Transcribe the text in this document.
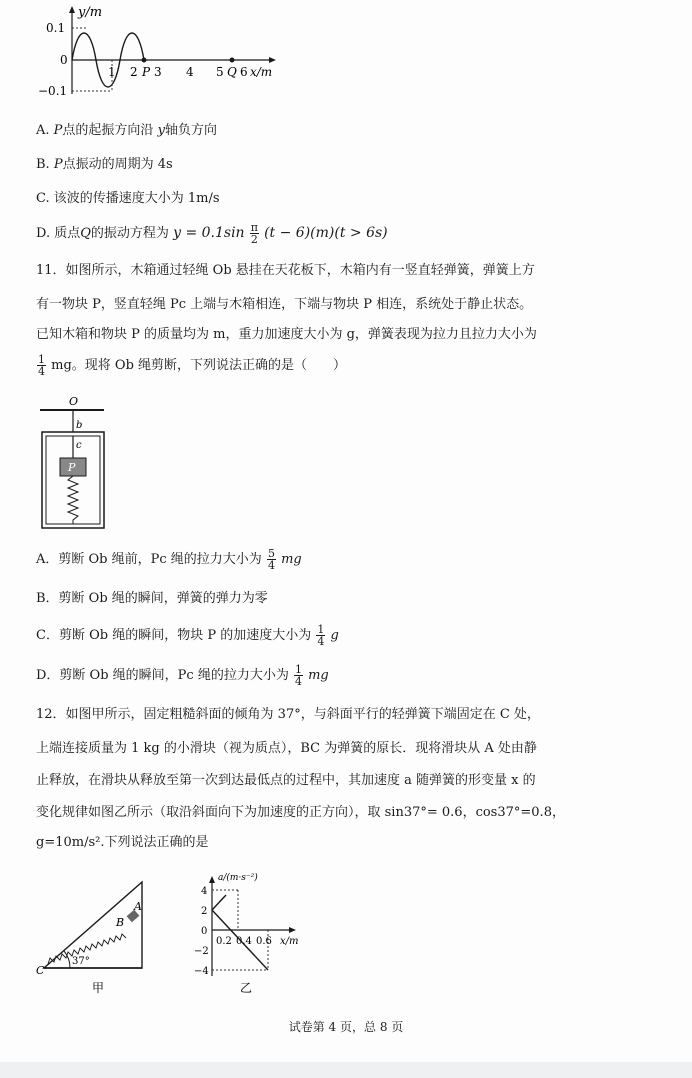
y/m
0.1
0
−0.1
1 2 P 3 4 5 Q 6 x/m
A. P点的起振方向沿 y轴负方向
B. P点振动的周期为 4s
C. 该波的传播速度大小为 1m/s
D. 质点Q的振动方程为 $y = 0.1\sin \frac{\pi}{2} (t - 6)(m)(t > 6s)$
11．如图所示，木箱通过轻绳 Ob 悬挂在天花板下，木箱内有一竖直轻弹簧，弹簧上方
有一物块 P，竖直轻绳 Pc 上端与木箱相连，下端与物块 P 相连，系统处于静止状态。
已知木箱和物块 P 的质量均为 m，重力加速度大小为 g，弹簧表现为拉力且拉力大小为
$\frac{1}{4}$ mg。现将 Ob 绳剪断，下列说法正确的是（　　）
O
b
c
P
A．剪断 Ob 绳前，Pc 绳的拉力大小为 $\frac{5}{4}$ mg
B．剪断 Ob 绳的瞬间，弹簧的弹力为零
C．剪断 Ob 绳的瞬间，物块 P 的加速度大小为 $\frac{1}{4}$ g
D．剪断 Ob 绳的瞬间，Pc 绳的拉力大小为 $\frac{1}{4}$ mg
12．如图甲所示，固定粗糙斜面的倾角为 37°，与斜面平行的轻弹簧下端固定在 C 处，
上端连接质量为 1 kg 的小滑块（视为质点），BC 为弹簧的原长．现将滑块从 A 处由静
止释放，在滑块从释放至第一次到达最低点的过程中，其加速度 a 随弹簧的形变量 x 的
变化规律如图乙所示（取沿斜面向下为加速度的正方向），取 sin37°= 0.6，cos37°=0.8，
g=10m/s².下列说法正确的是
37°
A
B
C
甲
a/(m·s⁻²)
4
2
0
−2
−4
0.2 0.4 0.6 x/m
乙
试卷第 4 页，总 8 页
